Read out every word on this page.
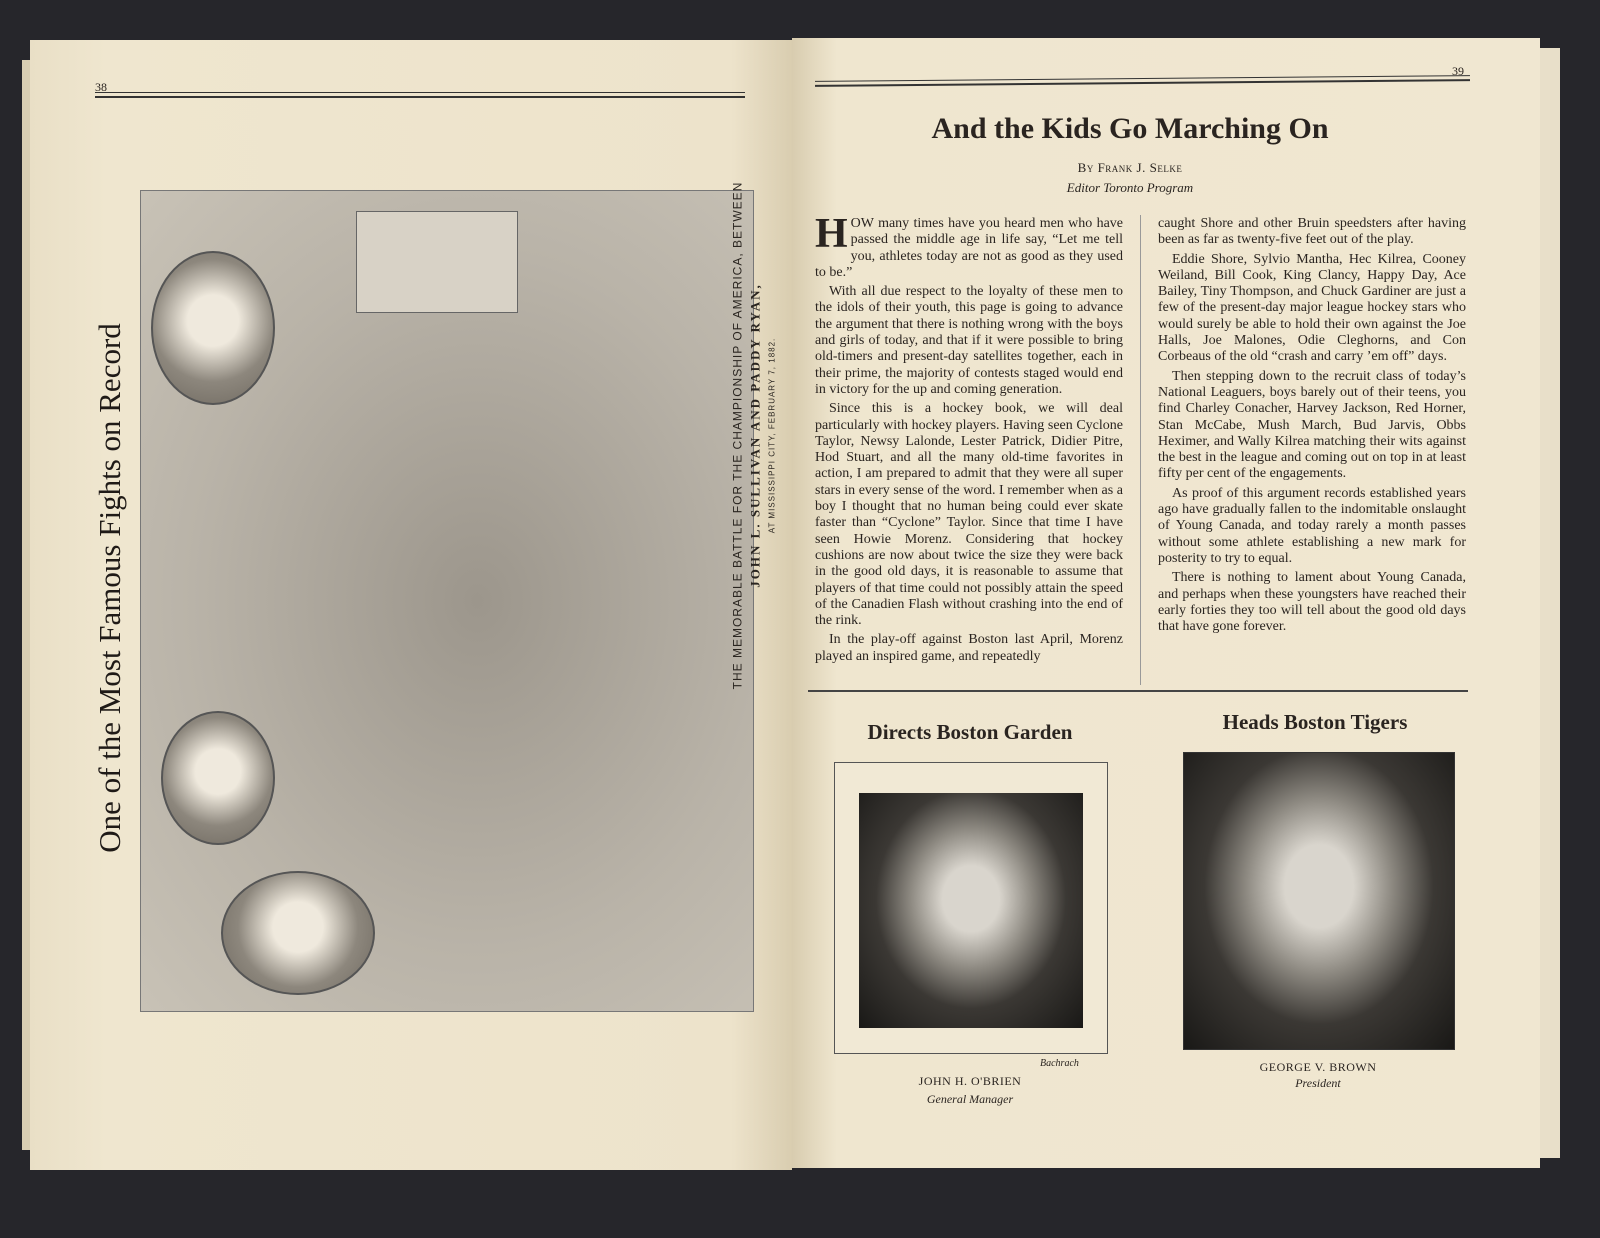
38
One of the Most Famous Fights on Record	THE MEMORABLE BATTLE FOR THE CHAMPIONSHIP OF AMERICA, BETWEEN JOHN L. SULLIVAN AND PADDY RYAN, AT MISSISSIPPI CITY, FEBRUARY 7, 1882.
39
And the Kids Go Marching On
By Frank J. Selke
Editor Toronto Program

HOW many times have you heard men who have passed the middle age in life say, “Let me tell you, athletes today are not as good as they used to be.”

With all due respect to the loyalty of these men to the idols of their youth, this page is going to advance the argument that there is nothing wrong with the boys and girls of today, and that if it were possible to bring old-timers and present-day satellites together, each in their prime, the majority of contests staged would end in victory for the up and coming generation.

Since this is a hockey book, we will deal particularly with hockey players. Having seen Cyclone Taylor, Newsy Lalonde, Lester Patrick, Didier Pitre, Hod Stuart, and all the many old-time favorites in action, I am prepared to admit that they were all super stars in every sense of the word. I remember when as a boy I thought that no human being could ever skate faster than “Cyclone” Taylor. Since that time I have seen Howie Morenz. Considering that hockey cushions are now about twice the size they were back in the good old days, it is reasonable to assume that players of that time could not possibly attain the speed of the Canadien Flash without crashing into the end of the rink.

In the play-off against Boston last April, Morenz played an inspired game, and repeatedly

caught Shore and other Bruin speedsters after having been as far as twenty-five feet out of the play.

Eddie Shore, Sylvio Mantha, Hec Kilrea, Cooney Weiland, Bill Cook, King Clancy, Happy Day, Ace Bailey, Tiny Thompson, and Chuck Gardiner are just a few of the present-day major league hockey stars who would surely be able to hold their own against the Joe Halls, Joe Malones, Odie Cleghorns, and Con Corbeaus of the old “crash and carry ’em off” days.

Then stepping down to the recruit class of today’s National Leaguers, boys barely out of their teens, you find Charley Conacher, Harvey Jackson, Red Horner, Stan McCabe, Mush March, Bud Jarvis, Obbs Heximer, and Wally Kilrea matching their wits against the best in the league and coming out on top in at least fifty per cent of the engagements.

As proof of this argument records established years ago have gradually fallen to the indomitable onslaught of Young Canada, and today rarely a month passes without some athlete establishing a new mark for posterity to try to equal.

There is nothing to lament about Young Canada, and perhaps when these youngsters have reached their early forties they too will tell about the good old days that have gone forever.

Directs Boston Garden
Bachrach
JOHN H. O'BRIEN
General Manager
Heads Boston Tigers
GEORGE V. BROWN
President
